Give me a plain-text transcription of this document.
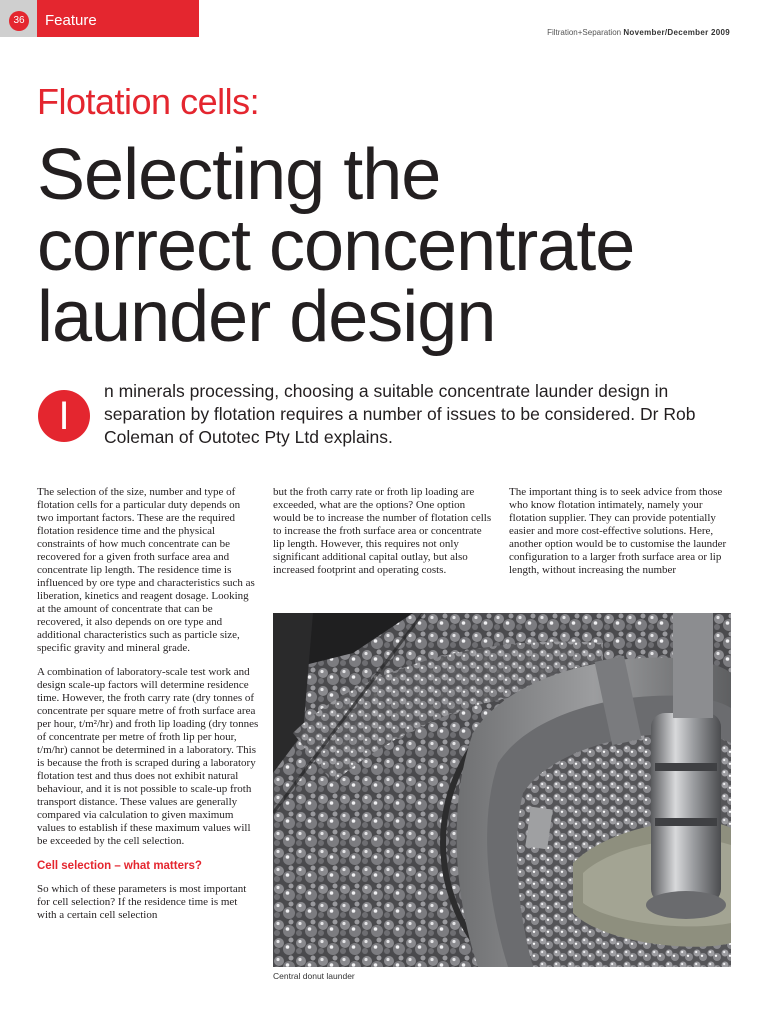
36 Feature
Filtration+Separation November/December 2009
Flotation cells:
Selecting the
correct concentrate
launder design
I

n minerals processing, choosing a suitable concentrate launder design in separation by flotation requires a number of issues to be considered. Dr Rob Coleman of Outotec Pty Ltd explains.

The selection of the size, number and type of flotation cells for a particular duty depends on two important factors. These are the required flotation residence time and the physical constraints of how much concentrate can be recovered for a given froth surface area and concentrate lip length. The residence time is influenced by ore type and characteristics such as liberation, kinetics and reagent dosage. Looking at the amount of concentrate that can be recovered, it also depends on ore type and additional characteristics such as particle size, specific gravity and mineral grade.

A combination of laboratory-scale test work and design scale-up factors will determine residence time. However, the froth carry rate (dry tonnes of concentrate per square metre of froth surface area per hour, t/m²/hr) and froth lip loading (dry tonnes of concentrate per metre of froth lip per hour, t/m/hr) cannot be determined in a laboratory. This is because the froth is scraped during a laboratory flotation test and thus does not exhibit natural behaviour, and it is not possible to scale-up froth transport distance. These values are generally compared via calculation to given maximum values to establish if these maximum values will be exceeded by the cell selection.

Cell selection – what matters?

So which of these parameters is most important for cell selection? If the residence time is met with a certain cell selection

but the froth carry rate or froth lip loading are exceeded, what are the options? One option would be to increase the number of flotation cells to increase the froth surface area or concentrate lip length. However, this requires not only significant additional capital outlay, but also increased footprint and operating costs.

The important thing is to seek advice from those who know flotation intimately, namely your flotation supplier. They can provide potentially easier and more cost-effective solutions. Here, another option would be to customise the launder configuration to a larger froth surface area or lip length, without increasing the number

Central donut launder
